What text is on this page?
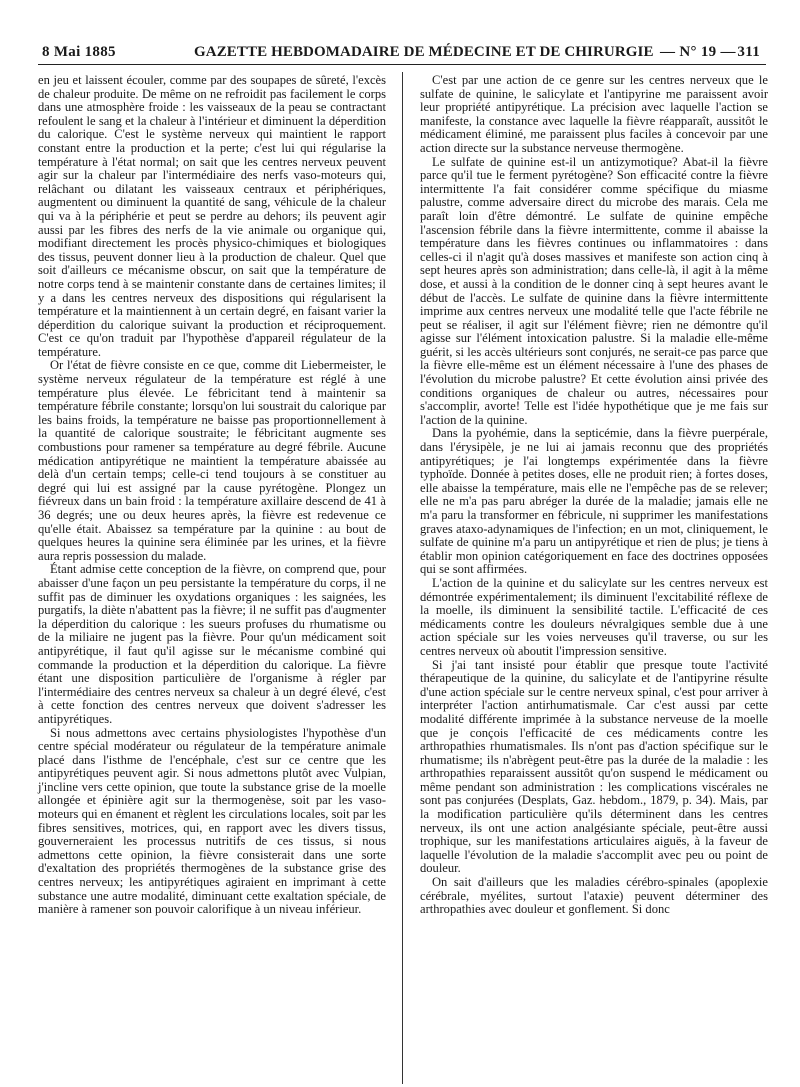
8 Mai 1885	GAZETTE HEBDOMADAIRE DE MÉDECINE ET DE CHIRURGIE — N° 19 — 311

en jeu et laissent écouler, comme par des soupapes de sûreté, l'excès de chaleur produite. De même on ne refroidit pas facilement le corps dans une atmosphère froide : les vaisseaux de la peau se contractant refoulent le sang et la chaleur à l'intérieur et diminuent la déperdition du calorique. C'est le système nerveux qui maintient le rapport constant entre la production et la perte; c'est lui qui régularise la température à l'état normal; on sait que les centres nerveux peuvent agir sur la chaleur par l'intermédiaire des nerfs vaso-moteurs qui, relâchant ou dilatant les vaisseaux centraux et périphériques, augmentent ou diminuent la quantité de sang, véhicule de la chaleur qui va à la périphérie et peut se perdre au dehors; ils peuvent agir aussi par les fibres des nerfs de la vie animale ou organique qui, modifiant directement les procès physico-chimiques et biologiques des tissus, peuvent donner lieu à la production de chaleur. Quel que soit d'ailleurs ce mécanisme obscur, on sait que la température de notre corps tend à se maintenir constante dans de certaines limites; il y a dans les centres nerveux des dispositions qui régularisent la température et la maintiennent à un certain degré, en faisant varier la déperdition du calorique suivant la production et réciproquement. C'est ce qu'on traduit par l'hypothèse d'appareil régulateur de la température.

Or l'état de fièvre consiste en ce que, comme dit Liebermeister, le système nerveux régulateur de la température est réglé à une température plus élevée. Le fébricitant tend à maintenir sa température fébrile constante; lorsqu'on lui soustrait du calorique par les bains froids, la température ne baisse pas proportionnellement à la quantité de calorique soustraite; le fébricitant augmente ses combustions pour ramener sa température au degré fébrile. Aucune médication antipyrétique ne maintient la température abaissée au delà d'un certain temps; celle-ci tend toujours à se constituer au degré qui lui est assigné par la cause pyrétogène. Plongez un fiévreux dans un bain froid : la température axillaire descend de 41 à 36 degrés; une ou deux heures après, la fièvre est redevenue ce qu'elle était. Abaissez sa température par la quinine : au bout de quelques heures la quinine sera éliminée par les urines, et la fièvre aura repris possession du malade.

Étant admise cette conception de la fièvre, on comprend que, pour abaisser d'une façon un peu persistante la température du corps, il ne suffit pas de diminuer les oxydations organiques : les saignées, les purgatifs, la diète n'abattent pas la fièvre; il ne suffit pas d'augmenter la déperdition du calorique : les sueurs profuses du rhumatisme ou de la miliaire ne jugent pas la fièvre. Pour qu'un médicament soit antipyrétique, il faut qu'il agisse sur le mécanisme combiné qui commande la production et la déperdition du calorique. La fièvre étant une disposition particulière de l'organisme à régler par l'intermédiaire des centres nerveux sa chaleur à un degré élevé, c'est à cette fonction des centres nerveux que doivent s'adresser les antipyrétiques.

Si nous admettons avec certains physiologistes l'hypothèse d'un centre spécial modérateur ou régulateur de la température animale placé dans l'isthme de l'encéphale, c'est sur ce centre que les antipyrétiques peuvent agir. Si nous admettons plutôt avec Vulpian, j'incline vers cette opinion, que toute la substance grise de la moelle allongée et épinière agit sur la thermogenèse, soit par les vaso-moteurs qui en émanent et règlent les circulations locales, soit par les fibres sensitives, motrices, qui, en rapport avec les divers tissus, gouverneraient les processus nutritifs de ces tissus, si nous admettons cette opinion, la fièvre consisterait dans une sorte d'exaltation des propriétés thermogènes de la substance grise des centres nerveux; les antipyrétiques agiraient en imprimant à cette substance une autre modalité, diminuant cette exaltation spéciale, de manière à ramener son pouvoir calorifique à un niveau inférieur.

C'est par une action de ce genre sur les centres nerveux que le sulfate de quinine, le salicylate et l'antipyrine me paraissent avoir leur propriété antipyrétique. La précision avec laquelle l'action se manifeste, la constance avec laquelle la fièvre réapparaît, aussitôt le médicament éliminé, me paraissent plus faciles à concevoir par une action directe sur la substance nerveuse thermogène.

Le sulfate de quinine est-il un antizymotique? Abat-il la fièvre parce qu'il tue le ferment pyrétogène? Son efficacité contre la fièvre intermittente l'a fait considérer comme spécifique du miasme palustre, comme adversaire direct du microbe des marais. Cela me paraît loin d'être démontré. Le sulfate de quinine empêche l'ascension fébrile dans la fièvre intermittente, comme il abaisse la température dans les fièvres continues ou inflammatoires : dans celles-ci il n'agit qu'à doses massives et manifeste son action cinq à sept heures après son administration; dans celle-là, il agit à la même dose, et aussi à la condition de le donner cinq à sept heures avant le début de l'accès. Le sulfate de quinine dans la fièvre intermittente imprime aux centres nerveux une modalité telle que l'acte fébrile ne peut se réaliser, il agit sur l'élément fièvre; rien ne démontre qu'il agisse sur l'élément intoxication palustre. Si la maladie elle-même guérit, si les accès ultérieurs sont conjurés, ne serait-ce pas parce que la fièvre elle-même est un élément nécessaire à l'une des phases de l'évolution du microbe palustre? Et cette évolution ainsi privée des conditions organiques de chaleur ou autres, nécessaires pour s'accomplir, avorte! Telle est l'idée hypothétique que je me fais sur l'action de la quinine.

Dans la pyohémie, dans la septicémie, dans la fièvre puerpérale, dans l'érysipèle, je ne lui ai jamais reconnu que des propriétés antipyrétiques; je l'ai longtemps expérimentée dans la fièvre typhoïde. Donnée à petites doses, elle ne produit rien; à fortes doses, elle abaisse la température, mais elle ne l'empêche pas de se relever; elle ne m'a pas paru abréger la durée de la maladie; jamais elle ne m'a paru la transformer en fébricule, ni supprimer les manifestations graves ataxo-adynamiques de l'infection; en un mot, cliniquement, le sulfate de quinine m'a paru un antipyrétique et rien de plus; je tiens à établir mon opinion catégoriquement en face des doctrines opposées qui se sont affirmées.

L'action de la quinine et du salicylate sur les centres nerveux est démontrée expérimentalement; ils diminuent l'excitabilité réflexe de la moelle, ils diminuent la sensibilité tactile. L'efficacité de ces médicaments contre les douleurs névralgiques semble due à une action spéciale sur les voies nerveuses qu'il traverse, ou sur les centres nerveux où aboutit l'impression sensitive.

Si j'ai tant insisté pour établir que presque toute l'activité thérapeutique de la quinine, du salicylate et de l'antipyrine résulte d'une action spéciale sur le centre nerveux spinal, c'est pour arriver à interpréter l'action antirhumatismale. Car c'est aussi par cette modalité différente imprimée à la substance nerveuse de la moelle que je conçois l'efficacité de ces médicaments contre les arthropathies rhumatismales. Ils n'ont pas d'action spécifique sur le rhumatisme; ils n'abrègent peut-être pas la durée de la maladie : les arthropathies reparaissent aussitôt qu'on suspend le médicament ou même pendant son administration : les complications viscérales ne sont pas conjurées (Desplats, Gaz. hebdom., 1879, p. 34). Mais, par la modification particulière qu'ils déterminent dans les centres nerveux, ils ont une action analgésiante spéciale, peut-être aussi trophique, sur les manifestations articulaires aiguës, à la faveur de laquelle l'évolution de la maladie s'accomplit avec peu ou point de douleur.

On sait d'ailleurs que les maladies cérébro-spinales (apoplexie cérébrale, myélites, surtout l'ataxie) peuvent déterminer des arthropathies avec douleur et gonflement. Si donc
